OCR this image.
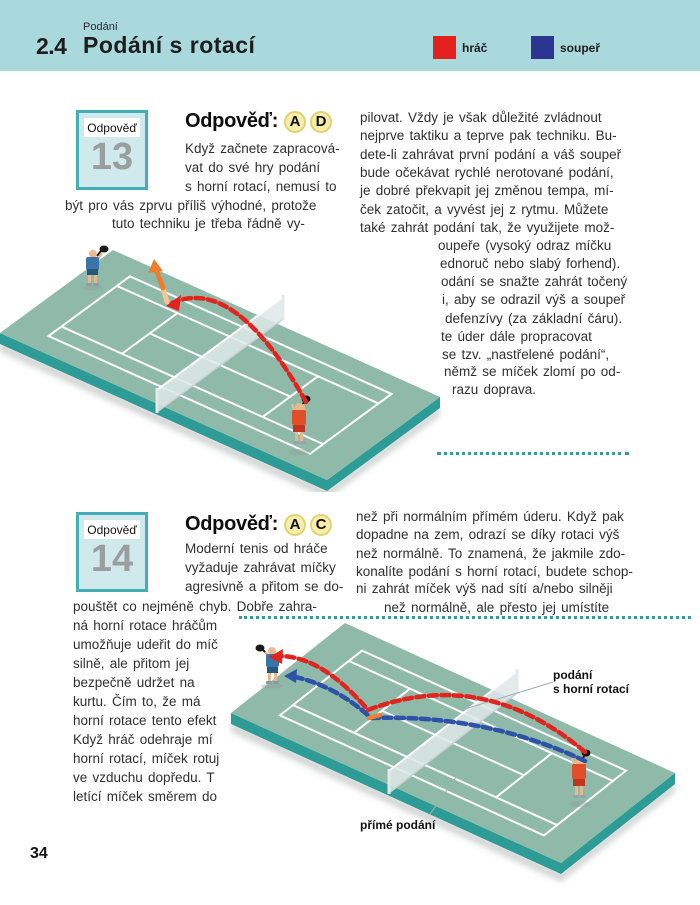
2.4
Podání
Podání s rotací	hráč	soupeř
Odpověď
13
Odpověď: A	D
Když začnete zapracová-
vat do své hry podání
s horní rotací, nemusí to
být pro vás zprvu příliš výhodné, protože
tuto techniku je třeba řádně vy-
pilovat. Vždy je však důležité zvládnout
nejprve taktiku a teprve pak techniku. Bu-
dete-li zahrávat první podání a váš soupeř
bude očekávat rychlé nerotované podání,
je dobré překvapit jej změnou tempa, mí-
ček zatočit, a vyvést jej z rytmu. Můžete
také zahrát podání tak, že využijete mož-
oupeře (vysoký odraz míčku
ednoruč nebo slabý forhend).
odání se snažte zahrát točený
i, aby se odrazil výš a soupeř
defenzívy (za základní čáru).
te úder dále propracovat
se tzv. „nastřelené podání“,
němž se míček zlomí po od-
razu doprava.
Odpověď
14
Odpověď: A	C
Moderní tenis od hráče
vyžaduje zahrávat míčky
agresivně a přitom se do-
pouštět co nejméně chyb. Dobře zahra-
ná horní rotace hráčům
umožňuje udeřit do míč
silně, ale přitom jej
bezpečně udržet na
kurtu. Čím to, že má
horní rotace tento efekt
Když hráč odehraje mí
horní rotací, míček rotuj
ve vzduchu dopředu. T
letící míček směrem do
než při normálním přímém úderu. Když pak
dopadne na zem, odrazí se díky rotaci výš
než normálně. To znamená, že jakmile zdo-
konalíte podání s horní rotací, budete schop-
ni zahrát míček výš nad sítí a/nebo silněji
než normálně, ale přesto jej umístíte
podání
s horní rotací
přímé podání
34
